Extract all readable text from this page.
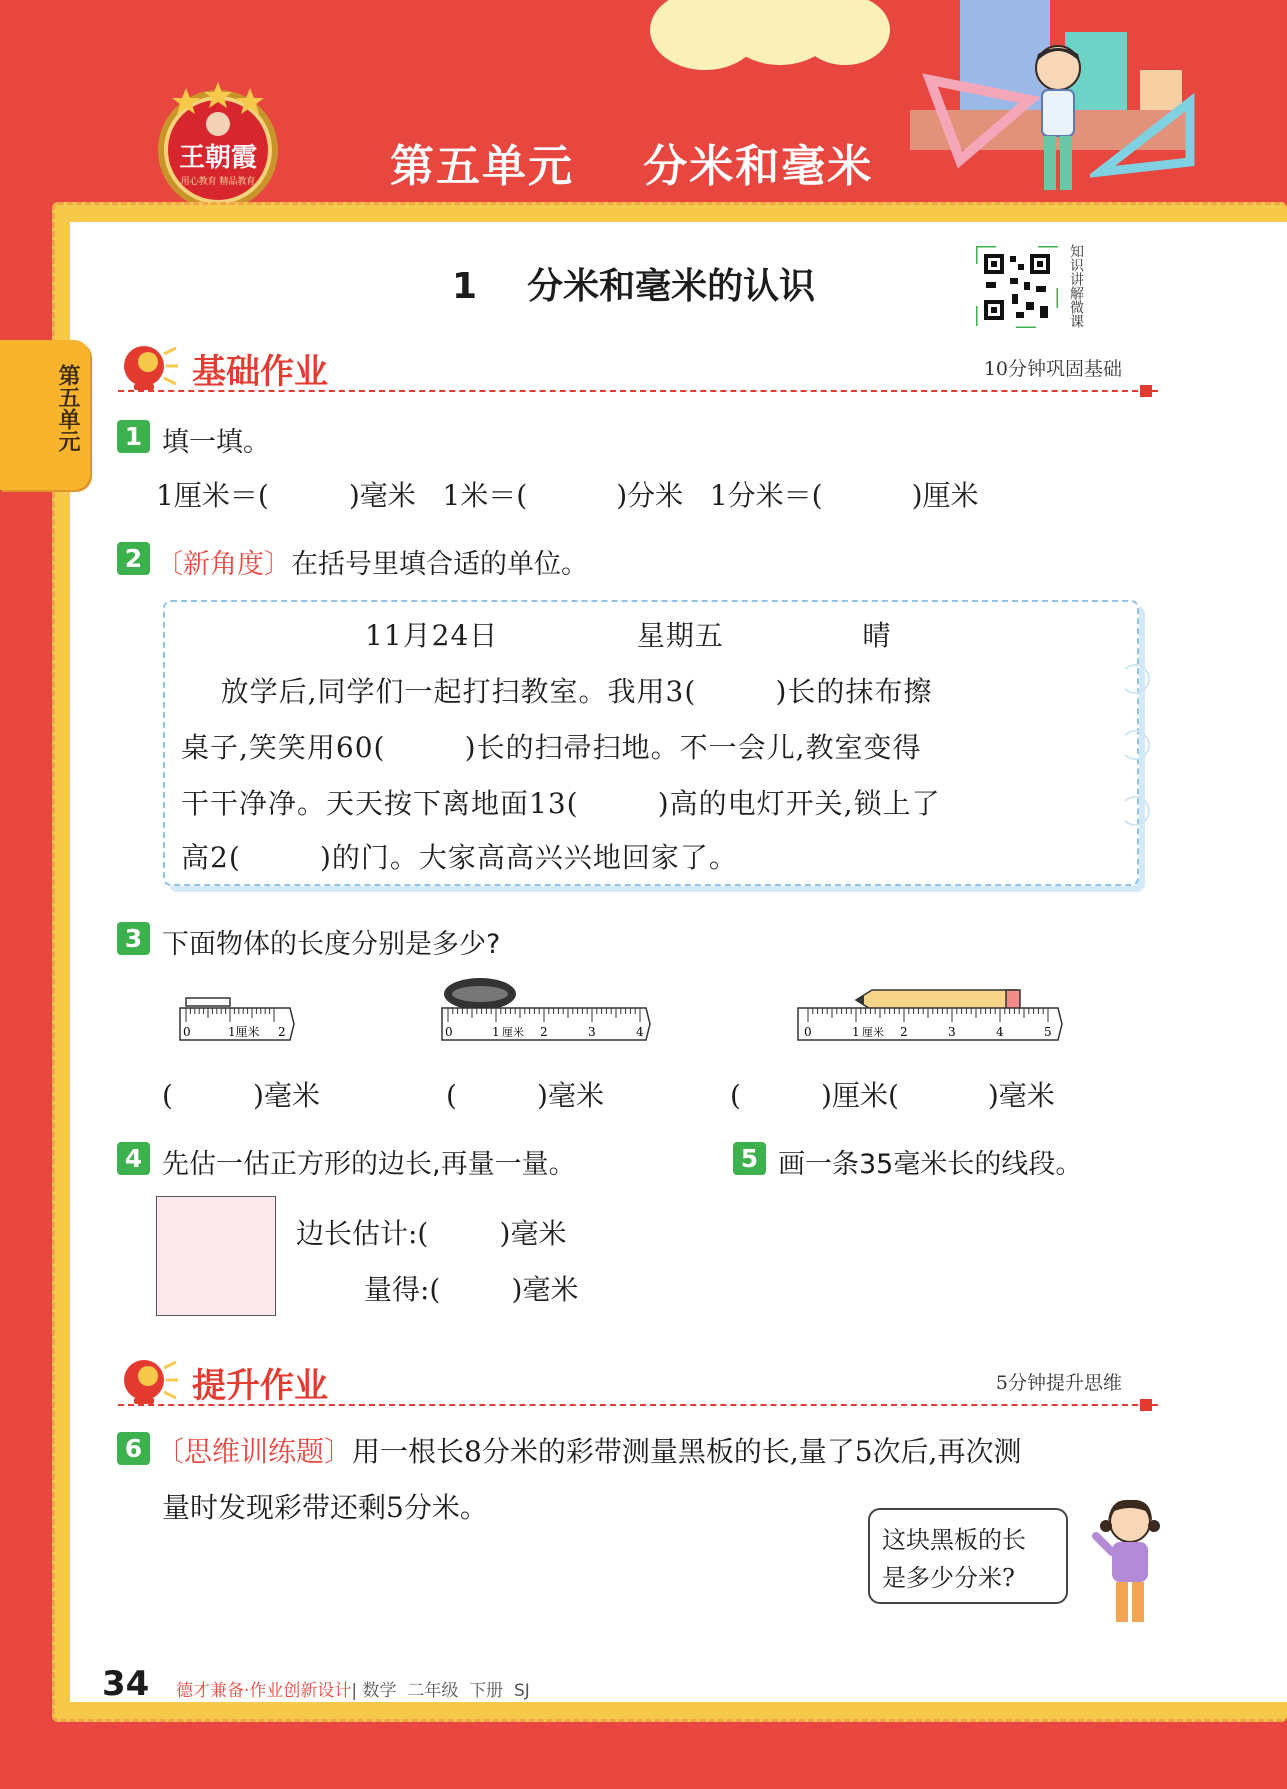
第五单元    分米和毫米
王朝霞
用心教育 精品教育
第五单元
1    分米和毫米的认识	知识讲解微课
基础作业	10分钟巩固基础
1 填一填。
1厘米＝(         )毫米   1米＝(          )分米   1分米＝(          )厘米
2 〔新角度〕在括号里填合适的单位。
11月24日              星期五              晴
放学后,同学们一起打扫教室。我用3(        )长的抹布擦
桌子,笑笑用60(        )长的扫帚扫地。不一会儿,教室变得
干干净净。天天按下离地面13(        )高的电灯开关,锁上了
高2(        )的门。大家高高兴兴地回家了。
3 下面物体的长度分别是多少?
0	1厘米 2	0	1 厘米 2	3	4	0	1 厘米 2	3	4	5
(         )毫米	(         )毫米	(         )厘米(          )毫米
4 先估一估正方形的边长,再量一量。
边长估计:(        )毫米
量得:(        )毫米
5 画一条35毫米长的线段。
提升作业	5分钟提升思维
6 〔思维训练题〕用一根长8分米的彩带测量黑板的长,量了5次后,再次测
量时发现彩带还剩5分米。
这块黑板的长
是多少分米?
34 德才兼备·作业创新设计| 数学  二年级  下册  SJ
